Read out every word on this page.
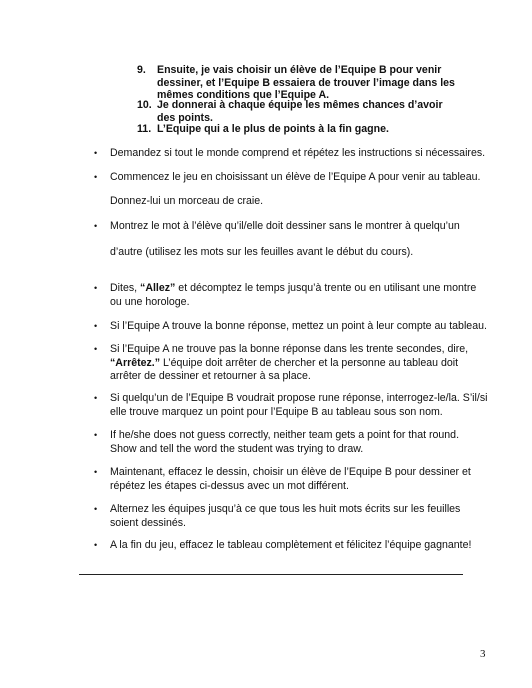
9. Ensuite, je vais choisir un élève de l’Equipe B pour venir dessiner, et l’Equipe B essaiera de trouver l’image dans les mêmes conditions que l’Equipe A.
10. Je donnerai à chaque équipe les mêmes chances d’avoir des points.
11. L’Equipe qui a le plus de points à la fin gagne.
• Demandez si tout le monde comprend et répétez les instructions si nécessaires.
• Commencez le jeu en choisissant un élève de l’Equipe A pour venir au tableau.
Donnez-lui un morceau de craie.
• Montrez le mot à l’élève qu’il/elle doit dessiner sans le montrer à quelqu’un
d’autre (utilisez les mots sur les feuilles avant le début du cours).
• Dites, “Allez” et décomptez le temps jusqu’à trente ou en utilisant une montre ou une horologe.
• Si l’Equipe A trouve la bonne réponse, mettez un point à leur compte au tableau.
• Si l’Equipe A ne trouve pas la bonne réponse dans les trente secondes, dire, “Arrêtez.” L’équipe doit arrêter de chercher et la personne au tableau doit arrêter de dessiner et retourner à sa place.
• Si quelqu’un de l’Equipe B voudrait propose rune réponse, interrogez-le/la. S’il/si elle trouve marquez un point pour l’Equipe B au tableau sous son nom.
• If he/she does not guess correctly, neither team gets a point for that round. Show and tell the word the student was trying to draw.
• Maintenant, effacez le dessin, choisir un élève de l’Equipe B pour dessiner et répétez les étapes ci-dessus avec un mot différent.
• Alternez les équipes jusqu’à ce que tous les huit mots écrits sur les feuilles soient dessinés.
• A la fin du jeu, effacez le tableau complètement et félicitez l’équipe gagnante!
3
